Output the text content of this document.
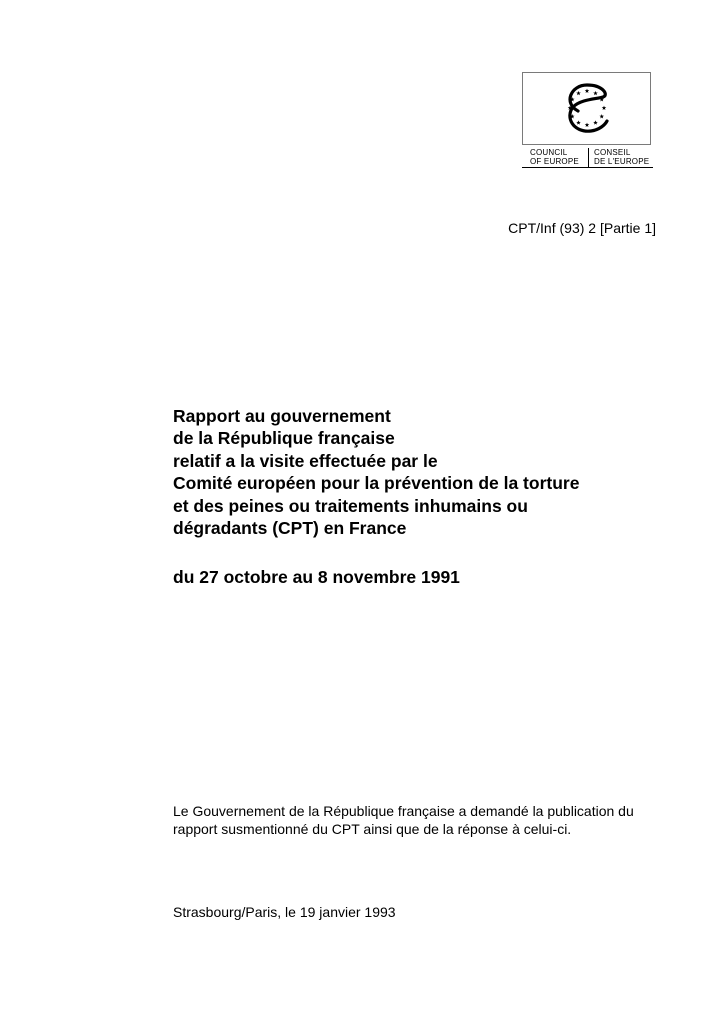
COUNCIL
OF EUROPE
CONSEIL
DE L'EUROPE
CPT/Inf (93) 2 [Partie 1]
Rapport au gouvernement
de la République française
relatif a la visite effectuée par le
Comité européen pour la prévention de la torture
et des peines ou traitements inhumains ou
dégradants (CPT) en France
du 27 octobre au 8 novembre 1991

Le Gouvernement de la République française a demandé la publication du
rapport susmentionné du CPT ainsi que de la réponse à celui-ci.

Strasbourg/Paris, le 19 janvier 1993
